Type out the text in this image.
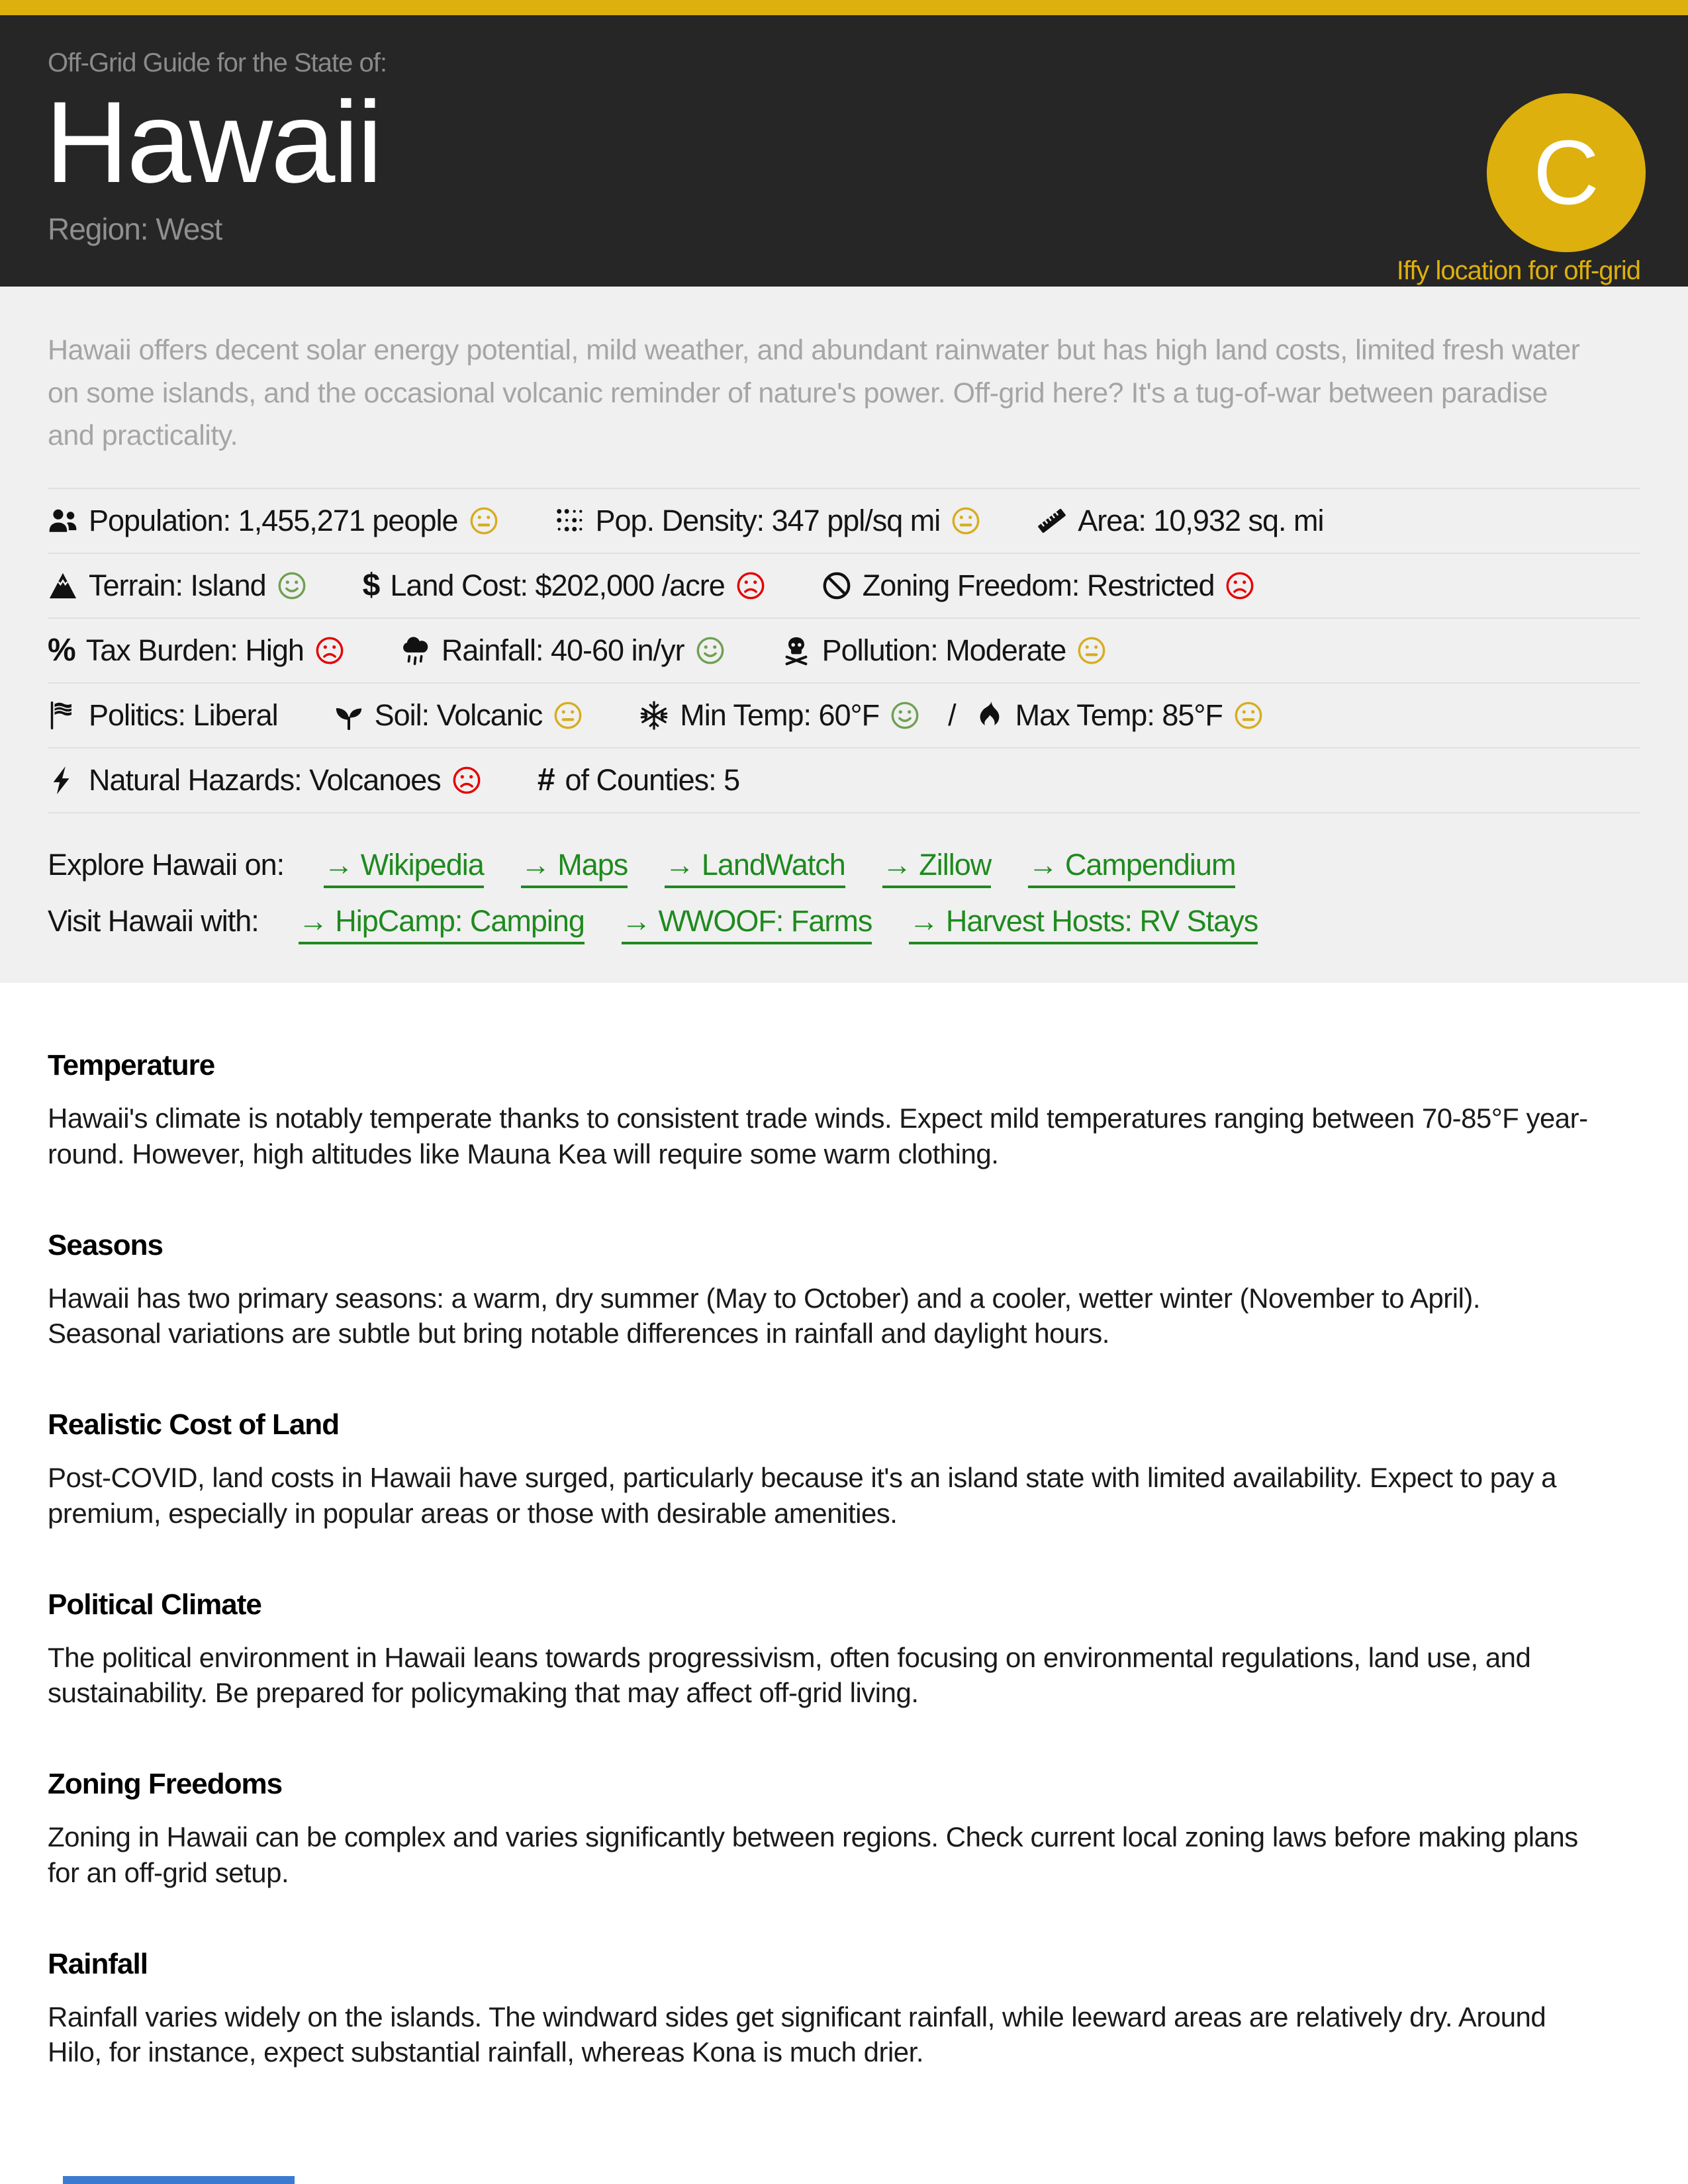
Off-Grid Guide for the State of:
Hawaii
Region: West
C
Iffy location for off-grid

Hawaii offers decent solar energy potential, mild weather, and abundant rainwater but has high land costs, limited fresh water on some islands, and the occasional volcanic reminder of nature's power. Off-grid here? It's a tug-of-war between paradise and practicality.

Population: 1,455,271 people	Pop. Density: 347 ppl/sq mi	Area: 10,932 sq. mi
Terrain: Island	$ Land Cost: $202,000 /acre	Zoning Freedom: Restricted
% Tax Burden: High	Rainfall: 40-60 in/yr	Pollution: Moderate
Politics: Liberal	Soil: Volcanic	Min Temp: 60°F / Max Temp: 85°F
Natural Hazards: Volcanoes	# of Counties: 5
Explore Hawaii on: → Wikipedia → Maps → LandWatch → Zillow → Campendium
Visit Hawaii with: → HipCamp: Camping → WWOOF: Farms → Harvest Hosts: RV Stays
Temperature

Hawaii's climate is notably temperate thanks to consistent trade winds. Expect mild temperatures ranging between 70-85°F year-round. However, high altitudes like Mauna Kea will require some warm clothing.

Seasons

Hawaii has two primary seasons: a warm, dry summer (May to October) and a cooler, wetter winter (November to April). Seasonal variations are subtle but bring notable differences in rainfall and daylight hours.

Realistic Cost of Land

Post-COVID, land costs in Hawaii have surged, particularly because it's an island state with limited availability. Expect to pay a premium, especially in popular areas or those with desirable amenities.

Political Climate

The political environment in Hawaii leans towards progressivism, often focusing on environmental regulations, land use, and sustainability. Be prepared for policymaking that may affect off-grid living.

Zoning Freedoms

Zoning in Hawaii can be complex and varies significantly between regions. Check current local zoning laws before making plans for an off-grid setup.

Rainfall

Rainfall varies widely on the islands. The windward sides get significant rainfall, while leeward areas are relatively dry. Around Hilo, for instance, expect substantial rainfall, whereas Kona is much drier.
